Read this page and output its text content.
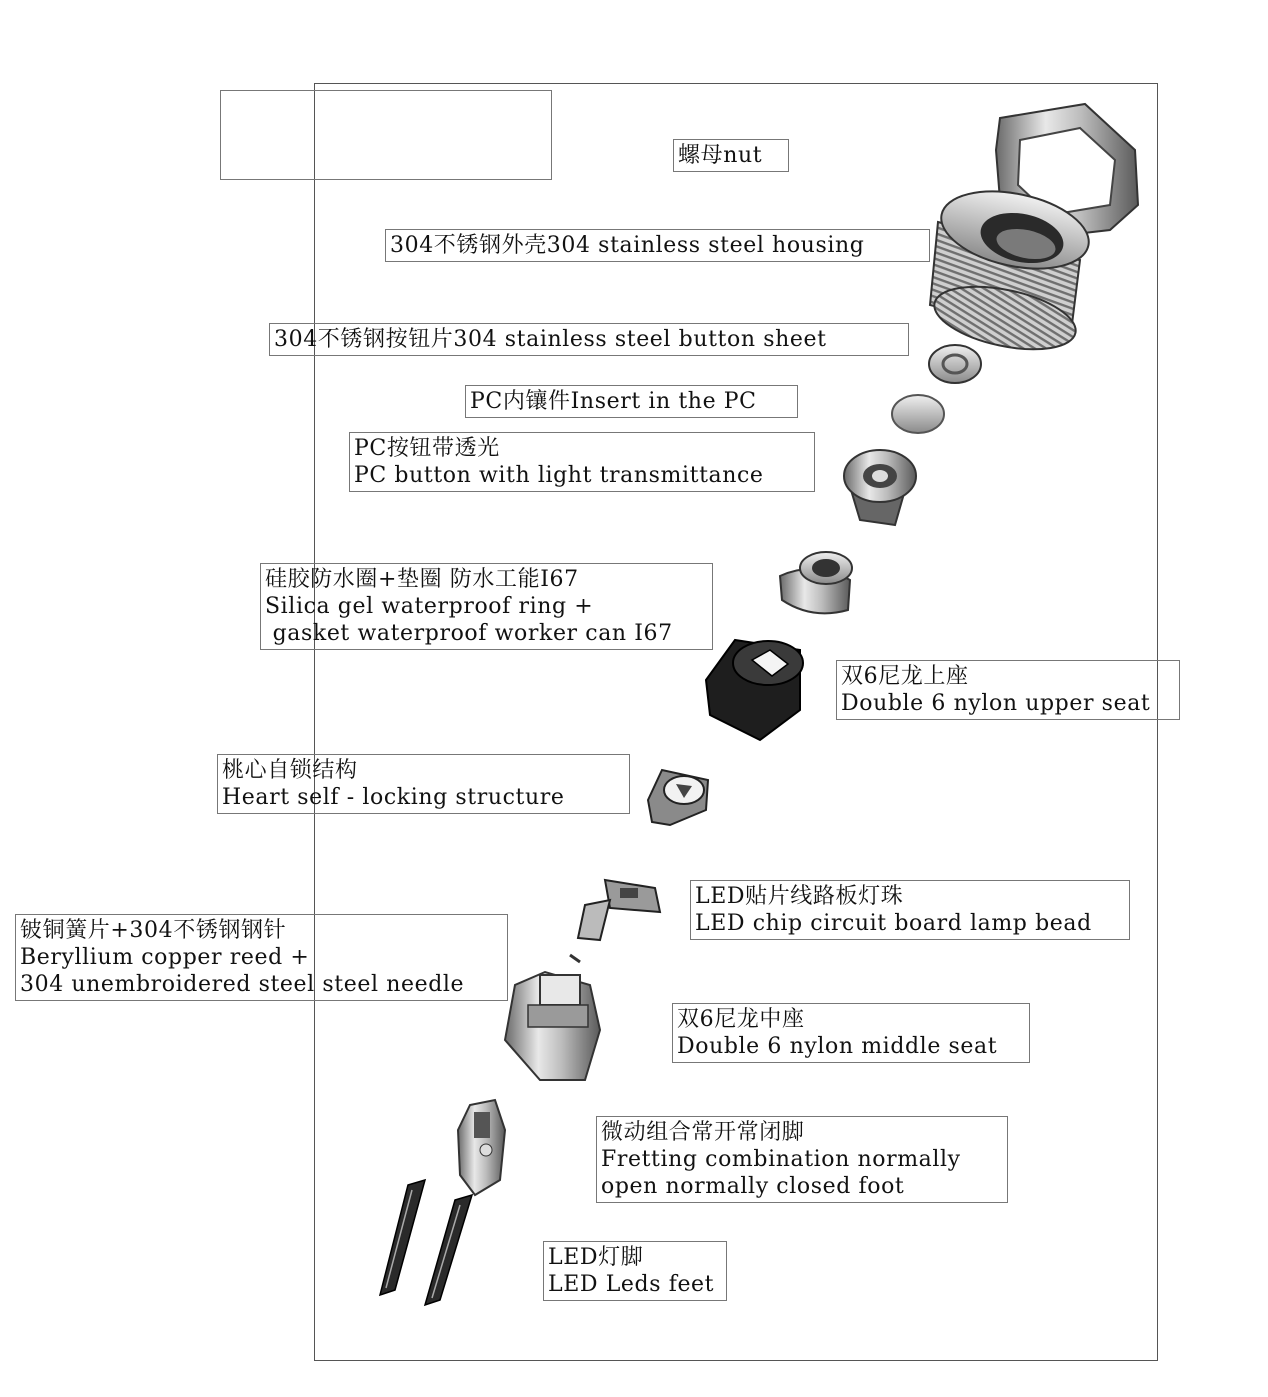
螺母nut
304不锈钢外壳304 stainless steel housing
304不锈钢按钮片304 stainless steel button sheet
PC内镶件Insert in the PC
PC按钮带透光
PC button with light transmittance
硅胶防水圈+垫圈 防水工能I67
Silica gel waterproof ring +
gasket waterproof worker can I67
双6尼龙上座
Double 6 nylon upper seat
桃心自锁结构
Heart self - locking structure
LED贴片线路板灯珠
LED chip circuit board lamp bead
铍铜簧片+304不锈钢钢针
Beryllium copper reed +
304 unembroidered steel steel needle
双6尼龙中座
Double 6 nylon middle seat
微动组合常开常闭脚
Fretting combination normally
open normally closed foot
LED灯脚
LED Leds feet
